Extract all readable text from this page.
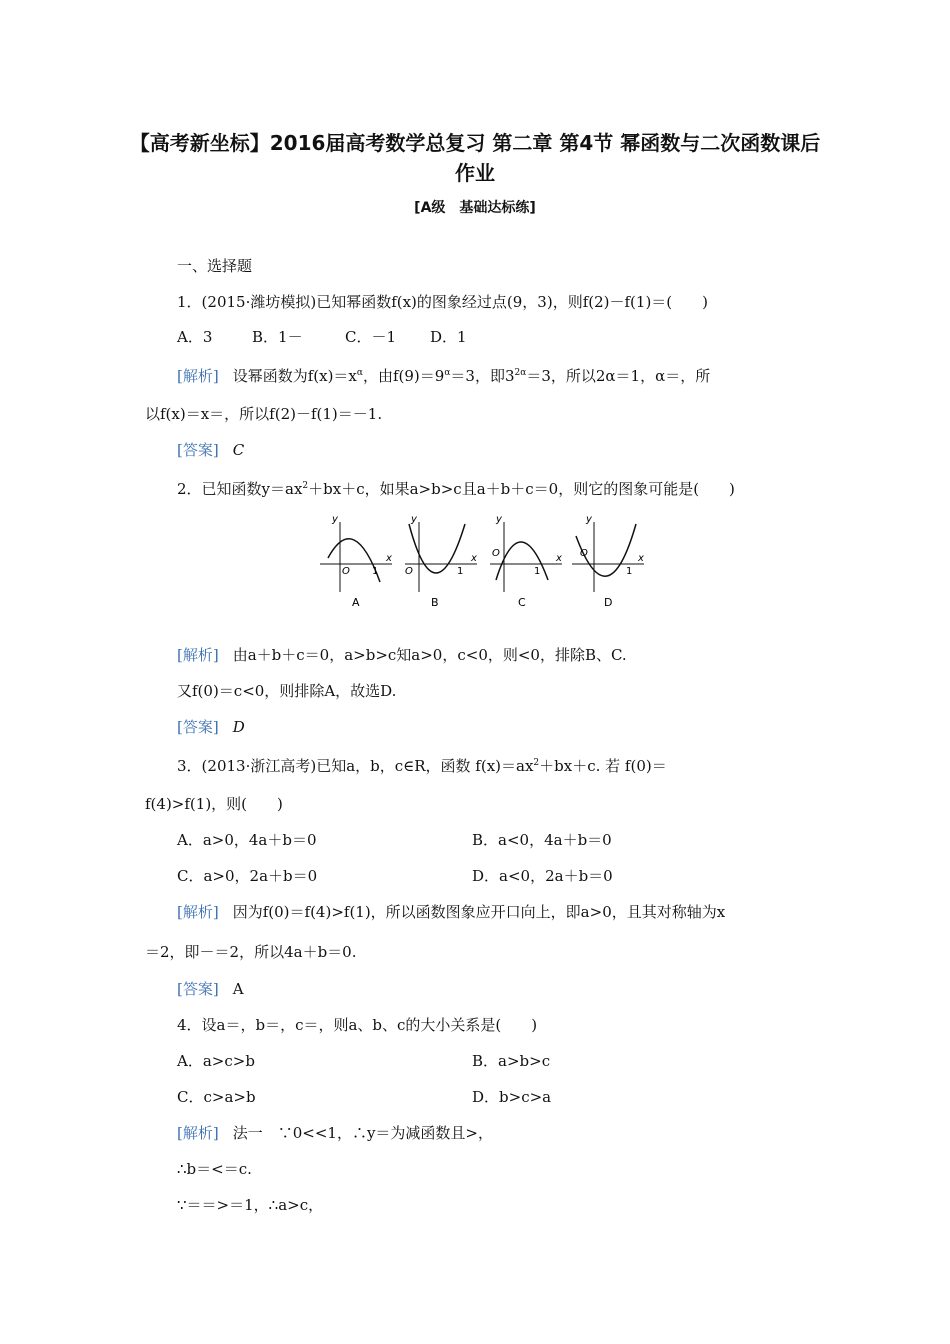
【高考新坐标】2016届高考数学总复习 第二章 第4节 幂函数与二次函数课后作业
[A级　基础达标练]
一、选择题
1．(2015·潍坊模拟)已知幂函数f(x)的图象经过点(9，3)，则f(2)－f(1)＝(　　)
A．3	B．1－	C．－1 D．1
[解析] 设幂函数为$f(x)=x^\alpha$，由$f(9)=9^\alpha=3$，即$3^{2\alpha}=3$，所以2α＝1，α＝，所
以f(x)＝x＝，所以f(2)－f(1)＝－1.
[答案] C
2．已知函数$y=ax^2+bx+c$，如果a>b>c且a＋b＋c＝0，则它的图象可能是(　　)
y
x
O 1
A
y
x
O	1
B
y
x
O
1
C
y
x
O
1
D
[解析] 由a＋b＋c＝0，a>b>c知a>0，c<0，则<0，排除B、C.
又f(0)＝c<0，则排除A，故选D.
[答案] D
3．(2013·浙江高考)已知a，b，c∈R，函数 $f(x)=ax^2+bx+c$. 若 f(0)＝
f(4)>f(1)，则(　　)
A．a>0，4a＋b＝0	B．a<0，4a＋b＝0
C．a>0，2a＋b＝0	D．a<0，2a＋b＝0
[解析] 因为f(0)＝f(4)>f(1)，所以函数图象应开口向上，即a>0，且其对称轴为x
＝2，即－＝2，所以4a＋b＝0.
[答案] A
4．设a＝，b＝，c＝，则a、b、c的大小关系是(　　)
A．a>c>b	B．a>b>c
C．c>a>b	D．b>c>a
[解析] 法一　∵0<<1，∴y＝为减函数且>，
∴b＝<＝c.
∵＝＝>＝1，∴a>c，
